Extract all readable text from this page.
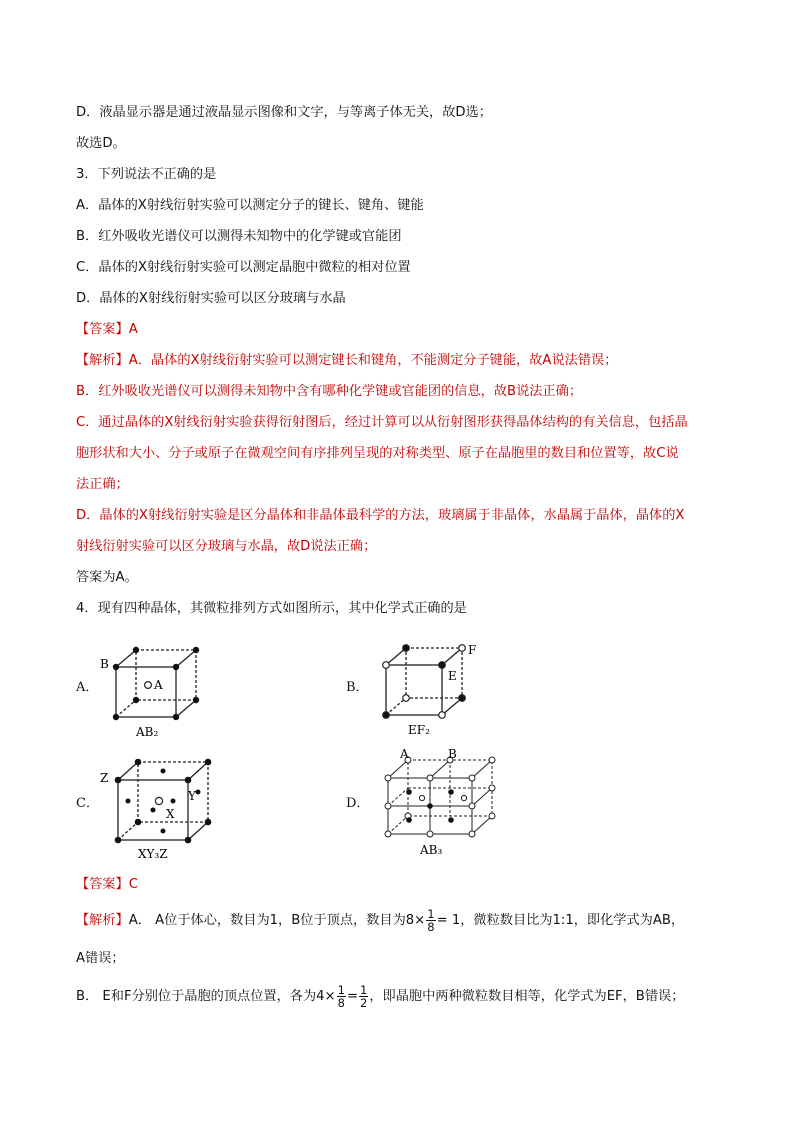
D．液晶显示器是通过液晶显示图像和文字，与等离子体无关，故D选；
故选D。
3．下列说法不正确的是
A．晶体的X射线衍射实验可以测定分子的键长、键角、键能
B．红外吸收光谱仪可以测得未知物中的化学键或官能团
C．晶体的X射线衍射实验可以测定晶胞中微粒的相对位置
D．晶体的X射线衍射实验可以区分玻璃与水晶
【答案】A
【解析】A．晶体的X射线衍射实验可以测定键长和键角，不能测定分子键能，故A说法错误；
B．红外吸收光谱仪可以测得未知物中含有哪种化学键或官能团的信息，故B说法正确；
C．通过晶体的X射线衍射实验获得衍射图后，经过计算可以从衍射图形获得晶体结构的有关信息，包括晶
胞形状和大小、分子或原子在微观空间有序排列呈现的对称类型、原子在晶胞里的数目和位置等，故C说
法正确；
D．晶体的X射线衍射实验是区分晶体和非晶体最科学的方法，玻璃属于非晶体，水晶属于晶体，晶体的X
射线衍射实验可以区分玻璃与水晶，故D说法正确；
答案为A。
4．现有四种晶体，其微粒排列方式如图所示，其中化学式正确的是
A．
B
A
AB₂
B．
F
E
EF₂
C．
Z
Y
X
XY₃Z
D．
A	B
AB₃
【答案】C
【解析】A． A位于体心，数目为1，B位于顶点，数目为$8\times \frac{1}{8} = 1$，微粒数目比为1:1，即化学式为AB，
A错误；
B． E和F分别位于晶胞的顶点位置，各为$4\times \frac{1}{8} = \frac{1}{2}$ ，即晶胞中两种微粒数目相等，化学式为EF，B错误；
